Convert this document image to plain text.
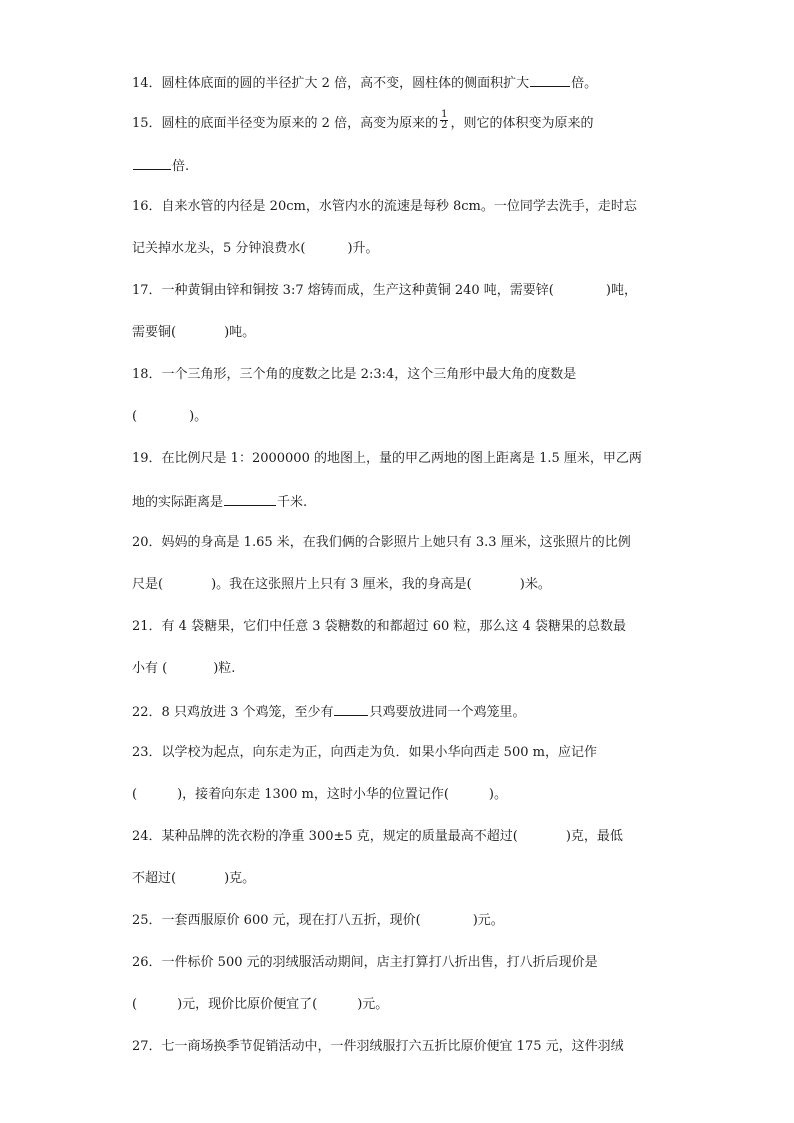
14．圆柱体底面的圆的半径扩大 2 倍，高不变，圆柱体的侧面积扩大	倍。
15．圆柱的底面半径变为原来的 2 倍，高变为原来的 $\frac{1}{2}$ ，则它的体积变为原来的
倍.
16．自来水管的内径是 20cm，水管内水的流速是每秒 8cm。一位同学去洗手，走时忘
记关掉水龙头，5 分钟浪费水(	)升。
17．一种黄铜由锌和铜按 3:7 熔铸而成，生产这种黄铜 240 吨，需要锌(	)吨，
需要铜(	)吨。
18．一个三角形，三个角的度数之比是 2:3:4，这个三角形中最大角的度数是
(	)。
19．在比例尺是 1：2000000 的地图上，量的甲乙两地的图上距离是 1.5 厘米，甲乙两
地的实际距离是	千米.
20．妈妈的身高是 1.65 米，在我们俩的合影照片上她只有 3.3 厘米，这张照片的比例
尺是(	)。我在这张照片上只有 3 厘米，我的身高是(	)米。
21．有 4 袋糖果，它们中任意 3 袋糖数的和都超过 60 粒，那么这 4 袋糖果的总数最
小有 (	)粒.
22．8 只鸡放进 3 个鸡笼，至少有	只鸡要放进同一个鸡笼里。
23．以学校为起点，向东走为正，向西走为负．如果小华向西走 500 m，应记作
(	)，接着向东走 1300 m，这时小华的位置记作(	)。
24．某种品牌的洗衣粉的净重 300±5 克，规定的质量最高不超过(	)克，最低
不超过(	)克。
25．一套西服原价 600 元，现在打八五折，现价(	)元。
26．一件标价 500 元的羽绒服活动期间，店主打算打八折出售，打八折后现价是
(	)元，现价比原价便宜了(	)元。
27．七一商场换季节促销活动中，一件羽绒服打六五折比原价便宜 175 元，这件羽绒
